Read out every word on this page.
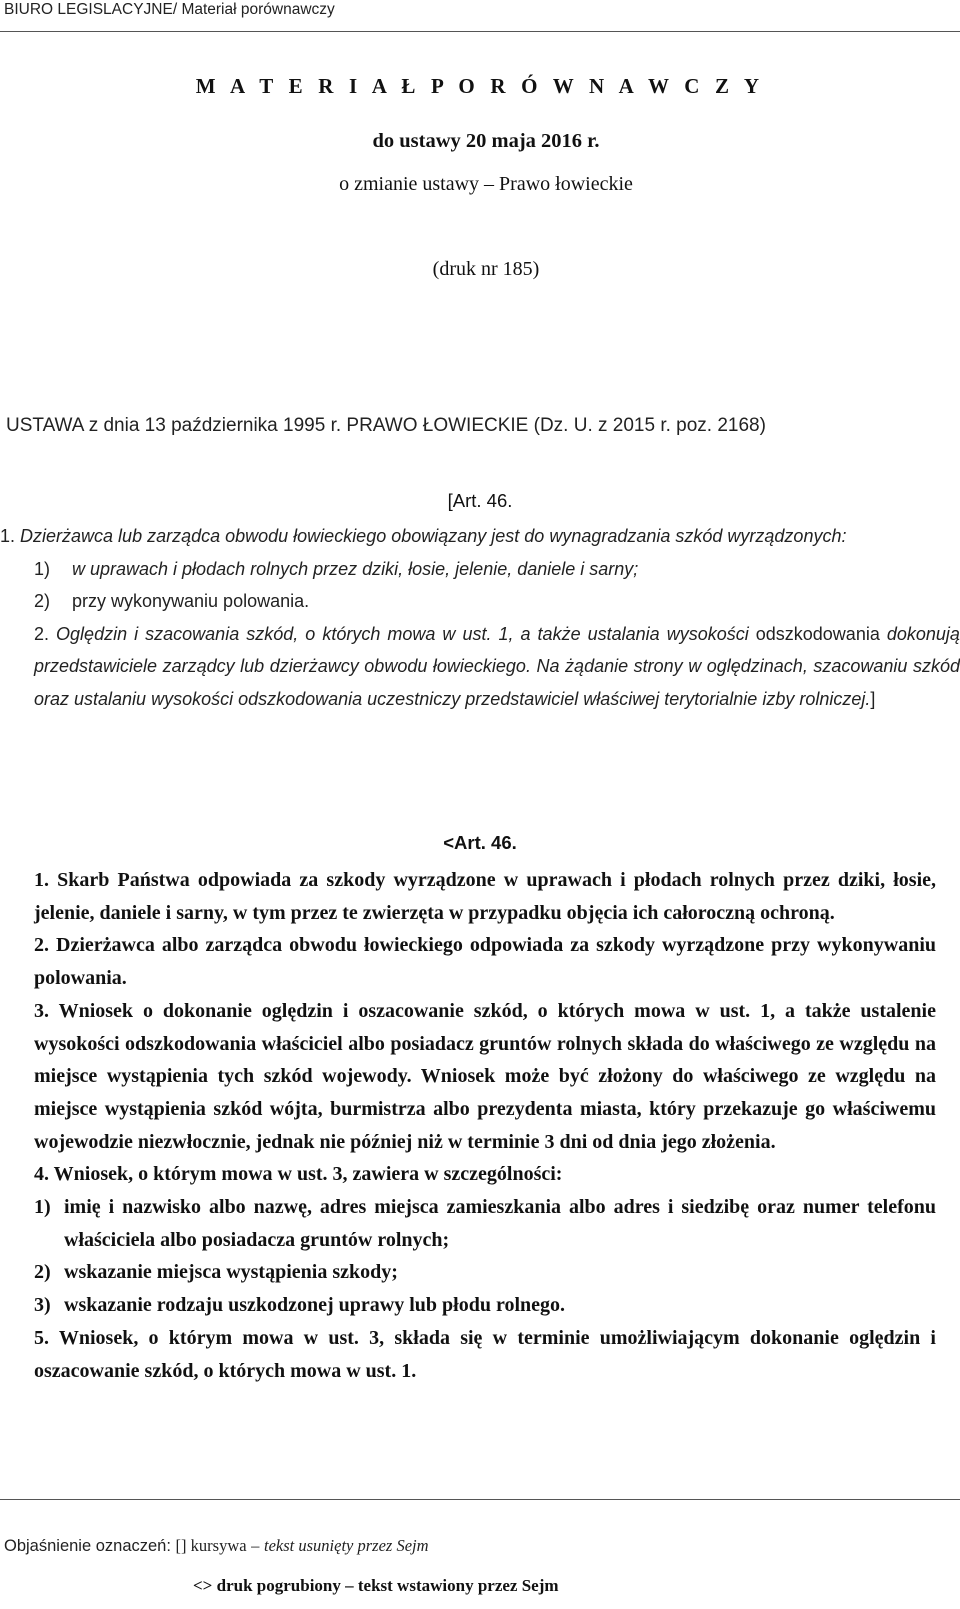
BIURO LEGISLACYJNE/ Materiał porównawczy
M A T E R I A Ł P O R Ó W N A W C Z Y
do ustawy 20 maja 2016 r.
o zmianie ustawy – Prawo łowieckie
(druk nr 185)
USTAWA z dnia 13 października 1995 r. PRAWO ŁOWIECKIE (Dz. U. z 2015 r. poz. 2168)
[Art. 46.

1. Dzierżawca lub zarządca obwodu łowieckiego obowiązany jest do wynagradzania szkód wyrządzonych:

1) w uprawach i płodach rolnych przez dziki, łosie, jelenie, daniele i sarny;

2) przy wykonywaniu polowania.

2. Oględzin i szacowania szkód, o których mowa w ust. 1, a także ustalania wysokości odszkodowania dokonują przedstawiciele zarządcy lub dzierżawcy obwodu łowieckiego. Na żądanie strony w oględzinach, szacowaniu szkód oraz ustalaniu wysokości odszkodowania uczestniczy przedstawiciel właściwej terytorialnie izby rolniczej.]

<Art. 46.

1. Skarb Państwa odpowiada za szkody wyrządzone w uprawach i płodach rolnych przez dziki, łosie, jelenie, daniele i sarny, w tym przez te zwierzęta w przypadku objęcia ich całoroczną ochroną.

2. Dzierżawca albo zarządca obwodu łowieckiego odpowiada za szkody wyrządzone przy wykonywaniu polowania.

3. Wniosek o dokonanie oględzin i oszacowanie szkód, o których mowa w ust. 1, a także ustalenie wysokości odszkodowania właściciel albo posiadacz gruntów rolnych składa do właściwego ze względu na miejsce wystąpienia tych szkód wojewody. Wniosek może być złożony do właściwego ze względu na miejsce wystąpienia szkód wójta, burmistrza albo prezydenta miasta, który przekazuje go właściwemu wojewodzie niezwłocznie, jednak nie później niż w terminie 3 dni od dnia jego złożenia.

4. Wniosek, o którym mowa w ust. 3, zawiera w szczególności:

1) imię i nazwisko albo nazwę, adres miejsca zamieszkania albo adres i siedzibę oraz numer telefonu właściciela albo posiadacza gruntów rolnych;
2) wskazanie miejsca wystąpienia szkody;
3) wskazanie rodzaju uszkodzonej uprawy lub płodu rolnego.

5. Wniosek, o którym mowa w ust. 3, składa się w terminie umożliwiającym dokonanie oględzin i oszacowanie szkód, o których mowa w ust. 1.

Objaśnienie oznaczeń: [] kursywa – tekst usunięty przez Sejm
<> druk pogrubiony – tekst wstawiony przez Sejm
